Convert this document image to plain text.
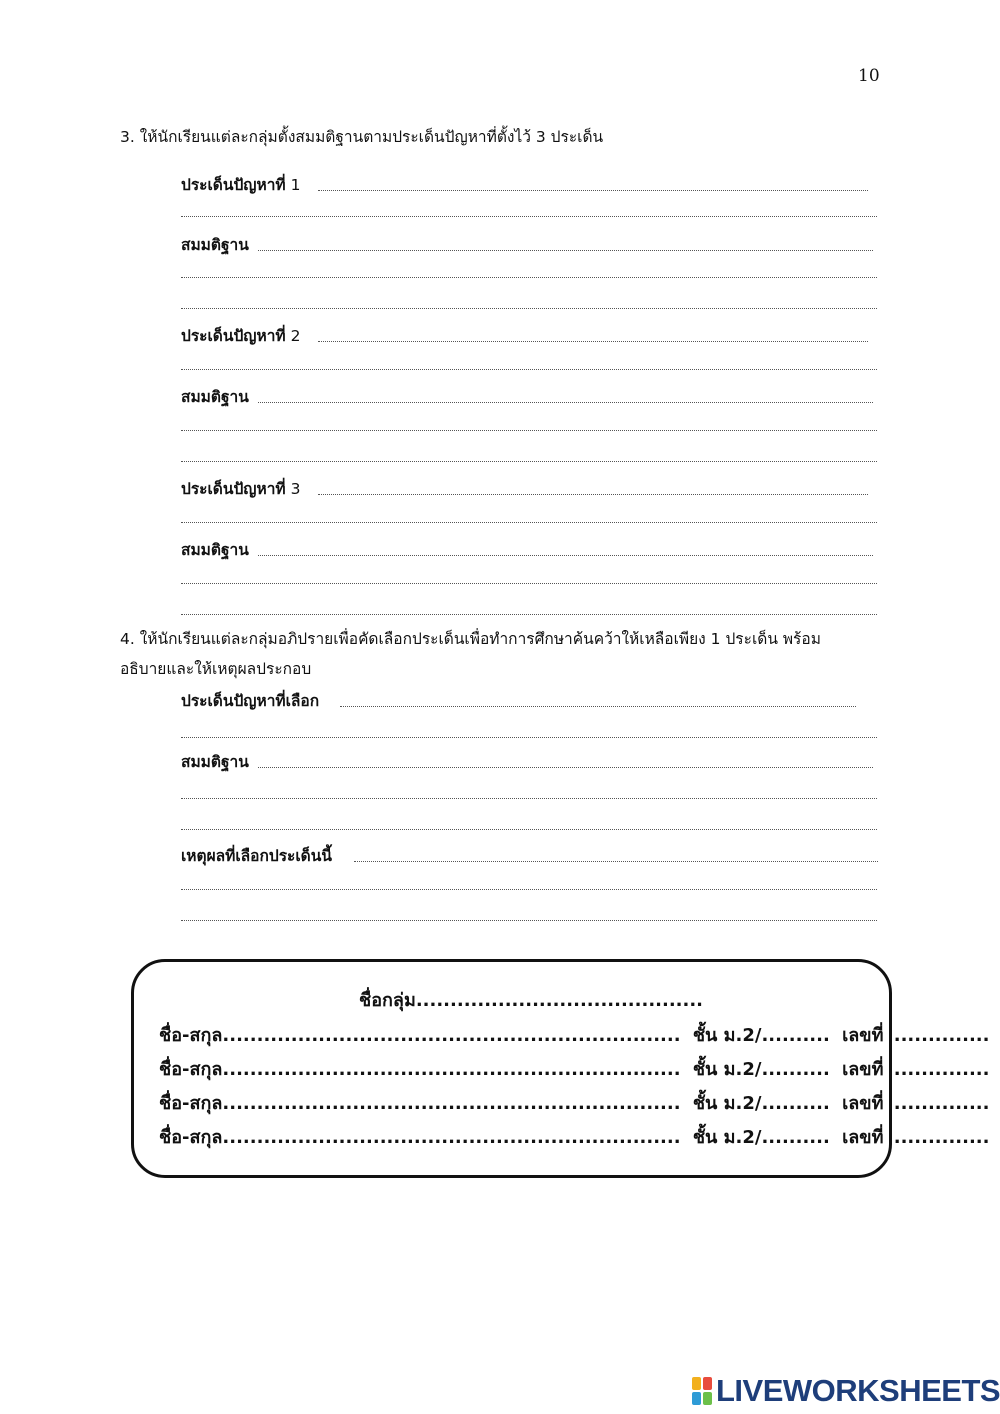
10
3. ให้นักเรียนแต่ละกลุ่มตั้งสมมติฐานตามประเด็นปัญหาที่ตั้งไว้ 3 ประเด็น
ประเด็นปัญหาที่ 1
สมมติฐาน
ประเด็นปัญหาที่ 2
สมมติฐาน
ประเด็นปัญหาที่ 3
สมมติฐาน
4. ให้นักเรียนแต่ละกลุ่มอภิปรายเพื่อคัดเลือกประเด็นเพื่อทำการศึกษาค้นคว้าให้เหลือเพียง 1 ประเด็น พร้อม
อธิบายและให้เหตุผลประกอบ
ประเด็นปัญหาที่เลือก
สมมติฐาน
เหตุผลที่เลือกประเด็นนี้
ชื่อกลุ่ม..........................................
ชื่อ-สกุล................................................................... ชั้น ม.2/.......... เลขที่ ..............
ชื่อ-สกุล................................................................... ชั้น ม.2/.......... เลขที่ ..............
ชื่อ-สกุล................................................................... ชั้น ม.2/.......... เลขที่ ..............
ชื่อ-สกุล................................................................... ชั้น ม.2/.......... เลขที่ ..............
LIVEWORKSHEETS
